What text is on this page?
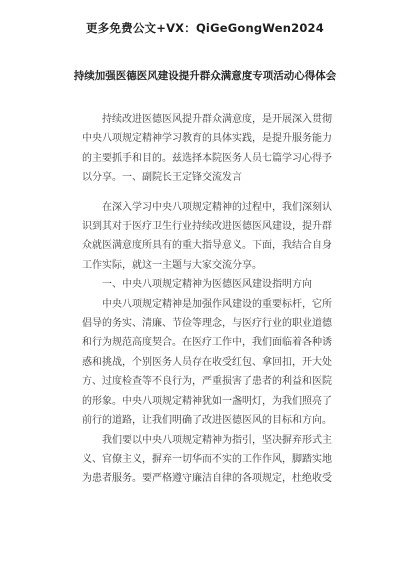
更多免费公文+VX：QiGeGongWen2024
持续加强医德医风建设提升群众满意度专项活动心得体会

持续改进医德医风提升群众满意度，是开展深入贯彻中央八项规定精神学习教育的具体实践，是提升服务能力的主要抓手和目的。兹选择本院医务人员七篇学习心得予以分享。一、副院长王定锋交流发言

在深入学习中央八项规定精神的过程中，我们深刻认识到其对于医疗卫生行业持续改进医德医风建设，提升群众就医满意度所具有的重大指导意义。下面，我结合自身工作实际，就这一主题与大家交流分享。

一、中央八项规定精神为医德医风建设指明方向

中央八项规定精神是加强作风建设的重要标杆，它所倡导的务实、清廉、节俭等理念，与医疗行业的职业道德和行为规范高度契合。在医疗工作中，我们面临着各种诱惑和挑战，个别医务人员存在收受红包、拿回扣，开大处方、过度检查等不良行为，严重损害了患者的利益和医院的形象。中央八项规定精神犹如一盏明灯，为我们照亮了前行的道路，让我们明确了改进医德医风的目标和方向。

我们要以中央八项规定精神为指引，坚决摒弃形式主义、官僚主义，摒弃一切华而不实的工作作风，脚踏实地为患者服务。要严格遵守廉洁自律的各项规定，杜绝收受
